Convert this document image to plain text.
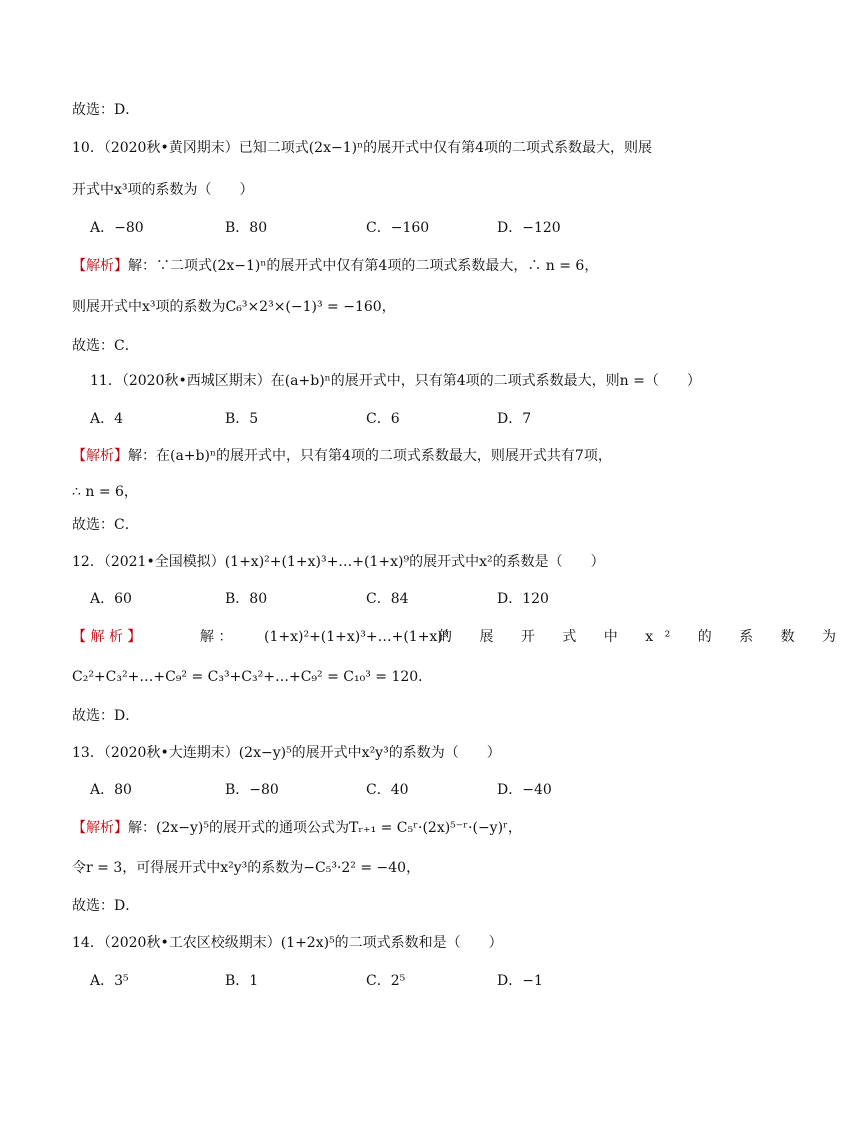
故选：D．
10．（2020秋•黄冈期末）已知二项式(2x−1)ⁿ的展开式中仅有第4项的二项式系数最大，则展
开式中x³项的系数为（　　）
A．−80	B．80	C．−160	D．−120
【解析】解：∵二项式(2x−1)ⁿ的展开式中仅有第4项的二项式系数最大，∴ n = 6，
则展开式中x³项的系数为C₆³×2³×(−1)³ = −160，
故选：C．
11．（2020秋•西城区期末）在(a+b)ⁿ的展开式中，只有第4项的二项式系数最大，则n =（　　）
A．4	B．5	C．6	D．7
【解析】解：在(a+b)ⁿ的展开式中，只有第4项的二项式系数最大，则展开式共有7项，
∴ n = 6，
故选：C．
12．（2021•全国模拟）(1+x)²+(1+x)³+…+(1+x)⁹的展开式中x²的系数是（　　）
A．60	B．80	C．84	D．120
【 解 析 】	解 ： (1+x)²+(1+x)³+…+(1+x)⁹
的 展 开 式 中 x² 的 系 数 为
C₂²+C₃²+…+C₉² = C₃³+C₃²+…+C₉² = C₁₀³ = 120．
故选：D．
13．（2020秋•大连期末）(2x−y)⁵的展开式中x²y³的系数为（　　）
A．80	B．−80	C．40	D．−40
【解析】解：(2x−y)⁵的展开式的通项公式为Tᵣ₊₁ = C₅ʳ·(2x)⁵⁻ʳ·(−y)ʳ，
令r = 3，可得展开式中x²y³的系数为−C₅³·2² = −40，
故选：D．
14．（2020秋•工农区校级期末）(1+2x)⁵的二项式系数和是（　　）
A．3⁵	B．1	C．2⁵	D．−1
